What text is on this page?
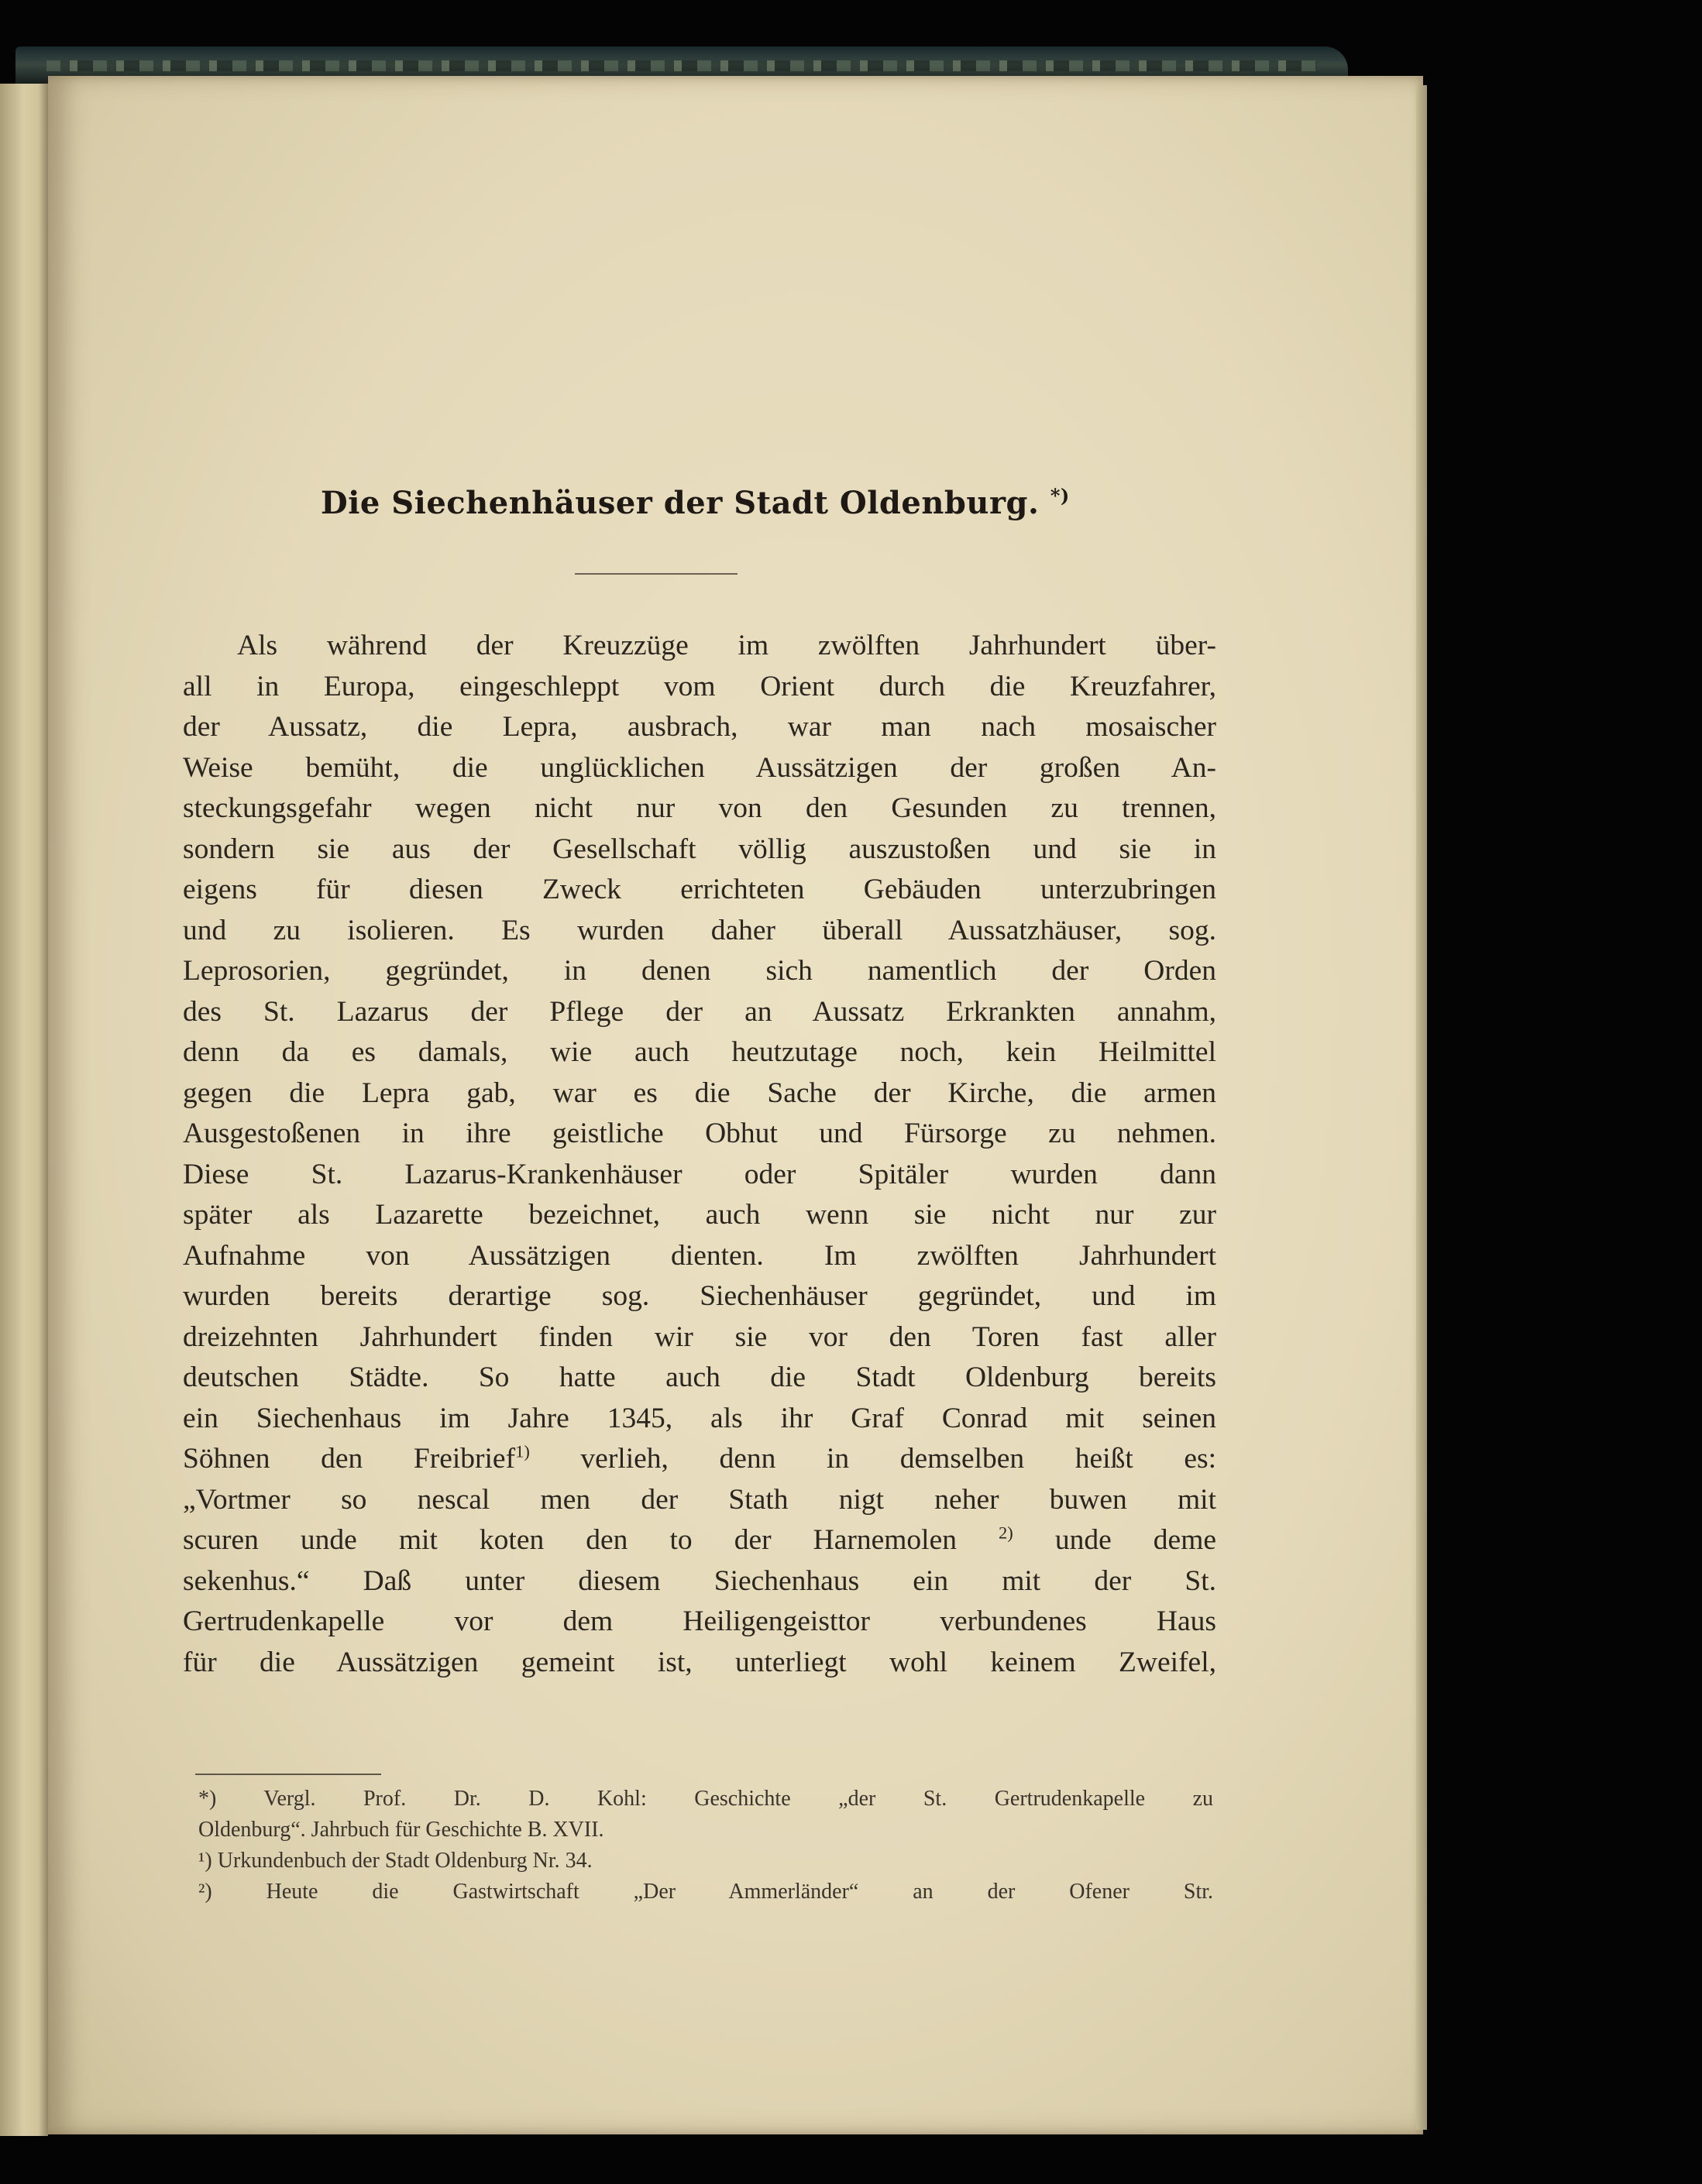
Die Siechenhäuser der Stadt Oldenburg. *)
Als während der Kreuzzüge im zwölften Jahrhundert über-
all in Europa, eingeschleppt vom Orient durch die Kreuzfahrer,
der Aussatz, die Lepra, ausbrach, war man nach mosaischer
Weise bemüht, die unglücklichen Aussätzigen der großen An-
steckungsgefahr wegen nicht nur von den Gesunden zu trennen,
sondern sie aus der Gesellschaft völlig auszustoßen und sie in
eigens für diesen Zweck errichteten Gebäuden unterzubringen
und zu isolieren. Es wurden daher überall Aussatzhäuser, sog.
Leprosorien, gegründet, in denen sich namentlich der Orden
des St. Lazarus der Pflege der an Aussatz Erkrankten annahm,
denn da es damals, wie auch heutzutage noch, kein Heilmittel
gegen die Lepra gab, war es die Sache der Kirche, die armen
Ausgestoßenen in ihre geistliche Obhut und Fürsorge zu nehmen.
Diese St. Lazarus-Krankenhäuser oder Spitäler wurden dann
später als Lazarette bezeichnet, auch wenn sie nicht nur zur
Aufnahme von Aussätzigen dienten. Im zwölften Jahrhundert
wurden bereits derartige sog. Siechenhäuser gegründet, und im
dreizehnten Jahrhundert finden wir sie vor den Toren fast aller
deutschen Städte. So hatte auch die Stadt Oldenburg bereits
ein Siechenhaus im Jahre 1345, als ihr Graf Conrad mit seinen
Söhnen den Freibrief$^{1)}$ verlieh, denn in demselben heißt es:
„Vortmer so nescal men der Stath nigt neher buwen mit
scuren unde mit koten den to der Harnemolen $^{2)}$ unde deme
sekenhus.“ Daß unter diesem Siechenhaus ein mit der St.
Gertrudenkapelle vor dem Heiligengeisttor verbundenes Haus
für die Aussätzigen gemeint ist, unterliegt wohl keinem Zweifel,
*) Vergl. Prof. Dr. D. Kohl: Geschichte „der St. Gertrudenkapelle zu
Oldenburg“. Jahrbuch für Geschichte B. XVII.
¹) Urkundenbuch der Stadt Oldenburg Nr. 34.
²) Heute die Gastwirtschaft „Der Ammerländer“ an der Ofener Str.
